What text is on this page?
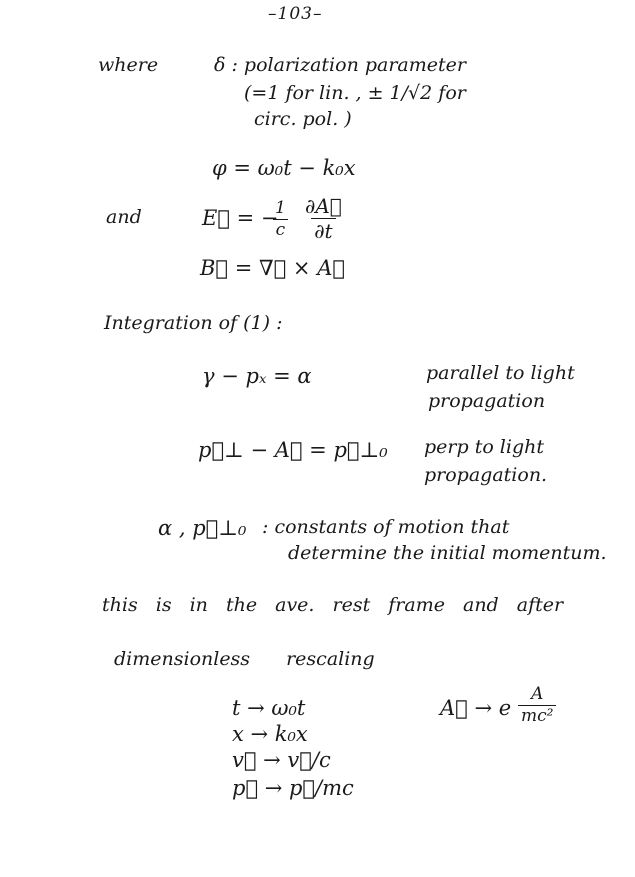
–103–
where	δ : polarization parameter
(=1 for lin. , ± 1/√2 for
circ. pol. )
φ = ω₀t − k₀x
and	E⃗ = −
$\frac{1}{c} \frac{\partial A⃗}{\partial t}$
B⃗ = ∇⃗ × A⃗
Integration of (1) :
γ − pₓ = α	parallel to light
propagation
p⃗⊥ − A⃗ = p⃗⊥₀ perp to light
propagation.
α , p⃗⊥₀ : constants of motion that
determine the initial momentum.
this is in the ave. rest frame and after
dimensionless rescaling
t → ω₀t
x → k₀x
v⃗ → v⃗/c
p⃗ → p⃗/mc
A⃗ → e $\frac{A}{\text{mc²}}$
